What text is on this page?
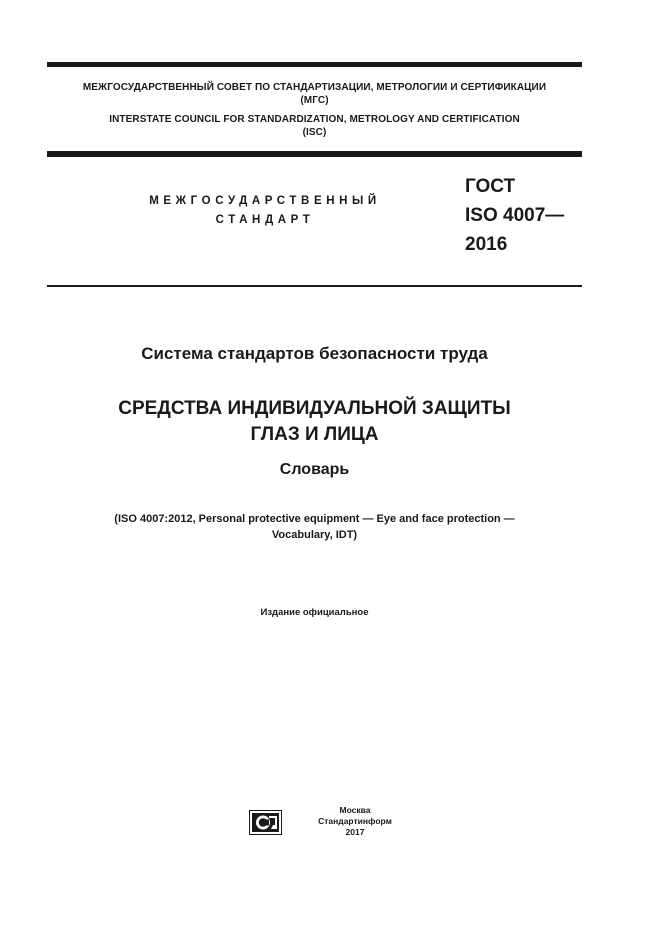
МЕЖГОСУДАРСТВЕННЫЙ СОВЕТ ПО СТАНДАРТИЗАЦИИ, МЕТРОЛОГИИ И СЕРТИФИКАЦИИ
(МГС)
INTERSTATE COUNCIL FOR STANDARDIZATION, METROLOGY AND CERTIFICATION
(ISC)
МЕЖГОСУДАРСТВЕННЫЙ
СТАНДАРТ
ГОСТ
ISO 4007—
2016
Система стандартов безопасности труда
СРЕДСТВА ИНДИВИДУАЛЬНОЙ ЗАЩИТЫ
ГЛАЗ И ЛИЦА
Словарь
(ISO 4007:2012, Personal protective equipment — Eye and face protection —
Vocabulary, IDT)
Издание официальное
Москва
Стандартинформ
2017
